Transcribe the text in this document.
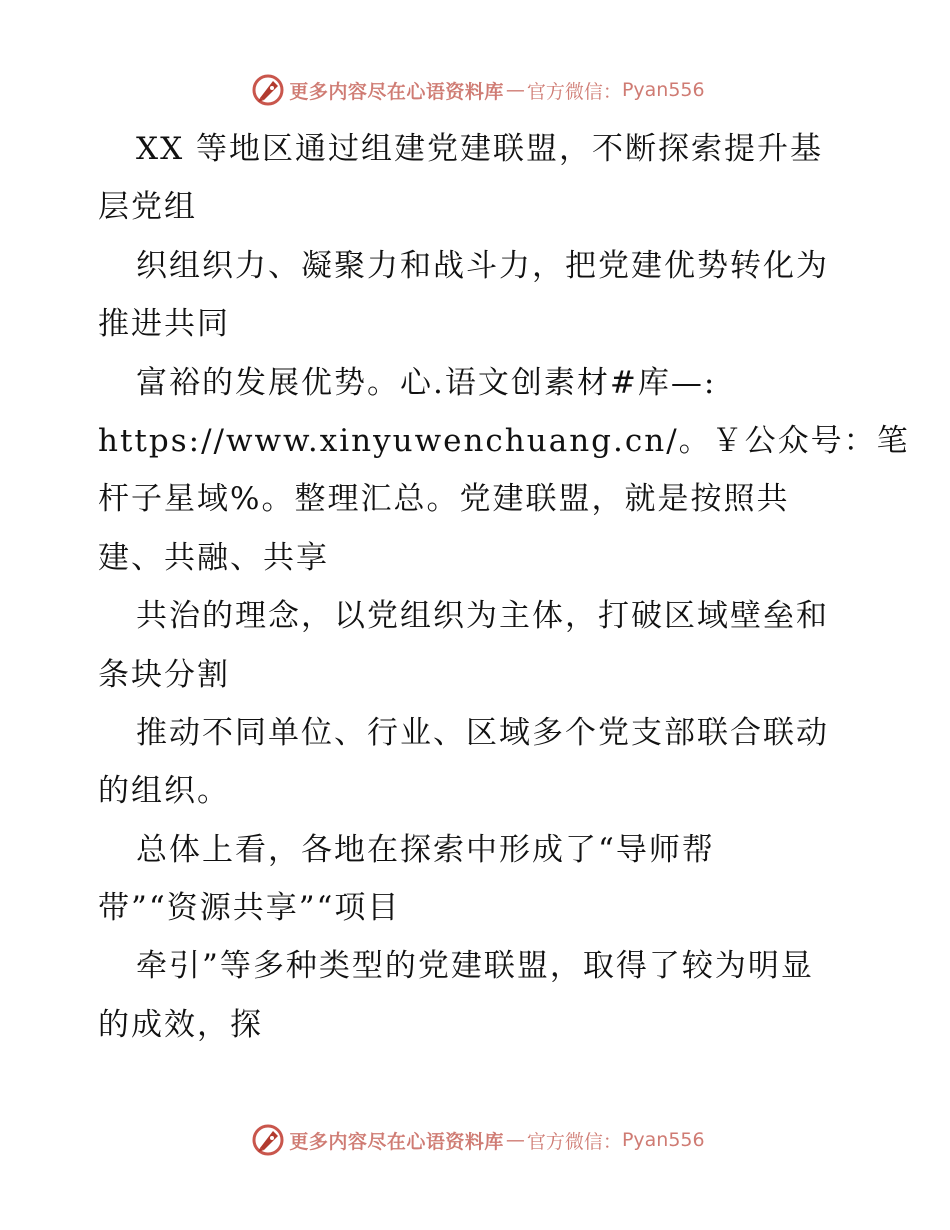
更多内容尽在心语资料库 — 官方微信： Pyan556
XX 等地区通过组建党建联盟，不断探索提升基
层党组
织组织力、凝聚力和战斗力，把党建优势转化为
推进共同
富裕的发展优势。心.语文创素材#库—:
https://www.xinyuwenchuang.cn/。￥公众号：笔
杆子星域%。整理汇总。党建联盟，就是按照共
建、共融、共享
共治的理念，以党组织为主体，打破区域壁垒和
条块分割
推动不同单位、行业、区域多个党支部联合联动
的组织。
总体上看，各地在探索中形成了“导师帮
带”“资源共享”“项目
牵引”等多种类型的党建联盟，取得了较为明显
的成效，探
更多内容尽在心语资料库 — 官方微信： Pyan556
